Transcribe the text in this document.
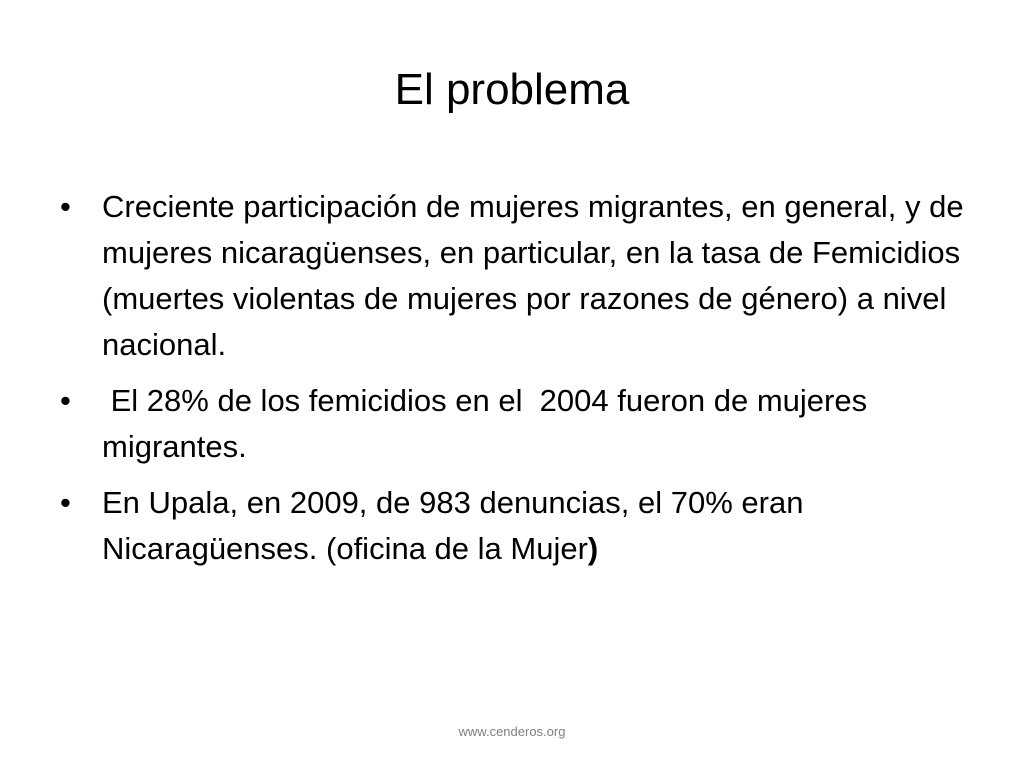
El problema
• Creciente participación de mujeres migrantes, en general, y de mujeres nicaragüenses, en particular, en la tasa de Femicidios (muertes violentas de mujeres por razones de género) a nivel nacional.
• El 28% de los femicidios en el  2004 fueron de mujeres migrantes.
• En Upala, en 2009, de 983 denuncias, el 70% eran Nicaragüenses. (oficina de la Mujer)
www.cenderos.org
